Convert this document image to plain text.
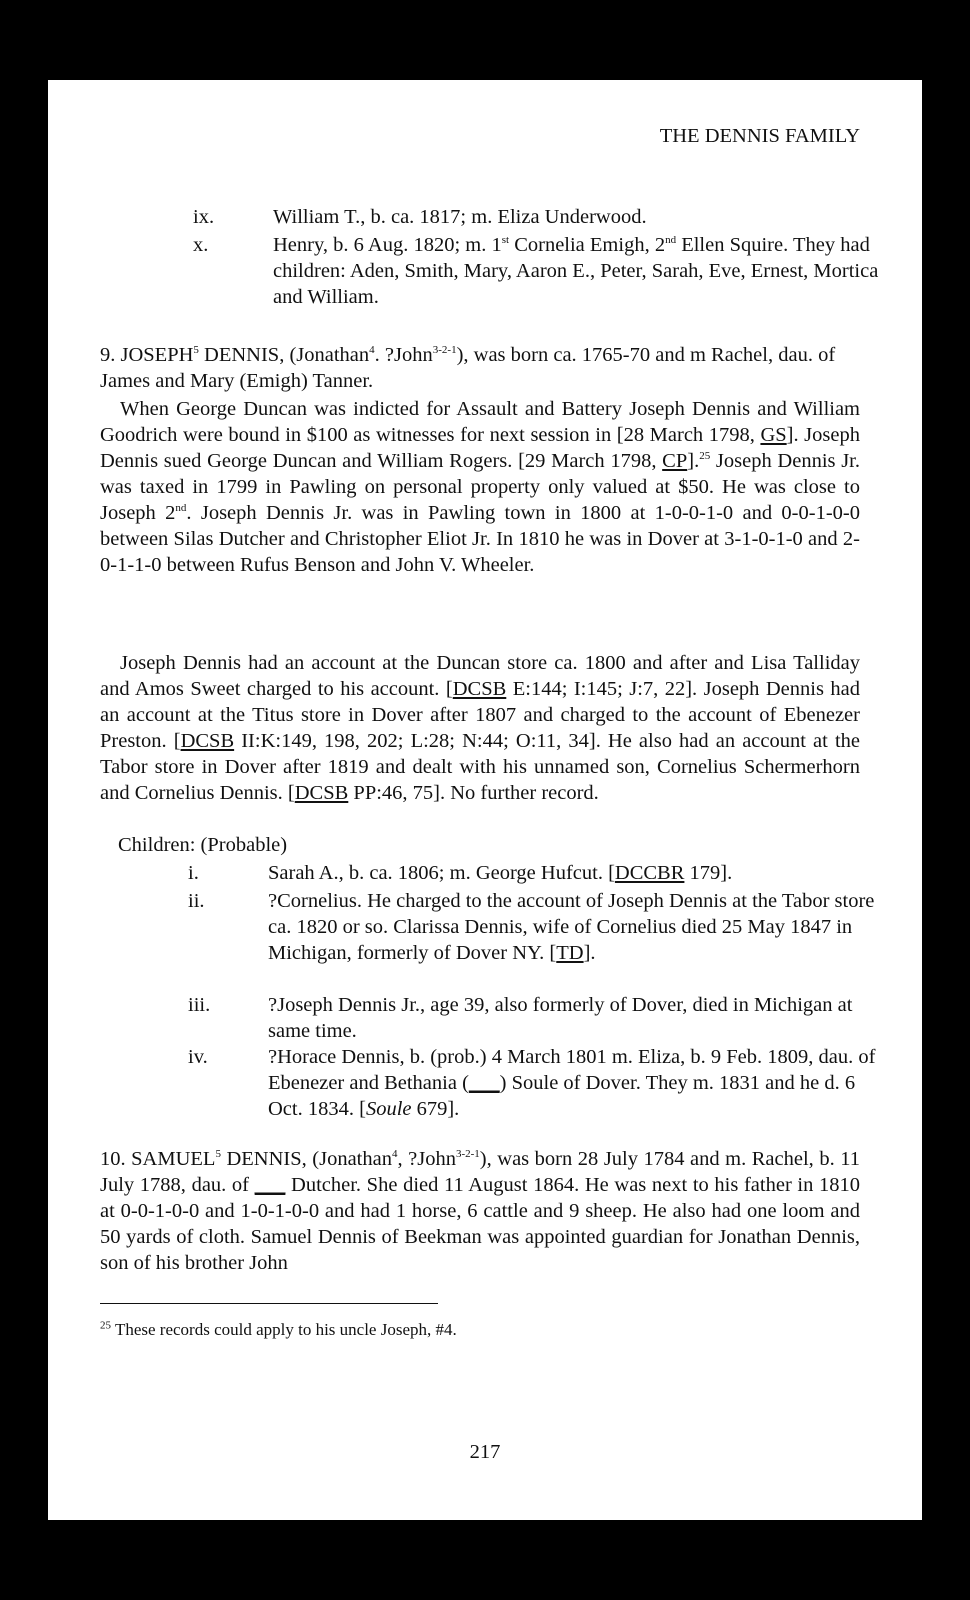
THE DENNIS FAMILY
ix.	William T., b. ca. 1817; m. Eliza Underwood.
x.	Henry, b. 6 Aug. 1820; m. 1st Cornelia Emigh, 2nd Ellen Squire. They had children: Aden, Smith, Mary, Aaron E., Peter, Sarah, Eve, Ernest, Mortica and William.
9. JOSEPH$^5$ DENNIS, (Jonathan$^4$. ?John$^{3-2-1}$), was born ca. 1765-70 and m Rachel, dau. of James and Mary (Emigh) Tanner.
When George Duncan was indicted for Assault and Battery Joseph Dennis and William Goodrich were bound in $100 as witnesses for next session in [28 March 1798, GS]. Joseph Dennis sued George Duncan and William Rogers. [29 March 1798, CP].$^{25}$ Joseph Dennis Jr. was taxed in 1799 in Pawling on personal property only valued at $50. He was close to Joseph 2nd. Joseph Dennis Jr. was in Pawling town in 1800 at 1-0-0-1-0 and 0-0-1-0-0 between Silas Dutcher and Christopher Eliot Jr. In 1810 he was in Dover at 3-1-0-1-0 and 2-0-1-1-0 between Rufus Benson and John V. Wheeler.
Joseph Dennis had an account at the Duncan store ca. 1800 and after and Lisa Talliday and Amos Sweet charged to his account. [DCSB E:144; I:145; J:7, 22]. Joseph Dennis had an account at the Titus store in Dover after 1807 and charged to the account of Ebenezer Preston. [DCSB II:K:149, 198, 202; L:28; N:44; O:11, 34]. He also had an account at the Tabor store in Dover after 1819 and dealt with his unnamed son, Cornelius Schermerhorn and Cornelius Dennis. [DCSB PP:46, 75]. No further record.
Children: (Probable)
i.	Sarah A., b. ca. 1806; m. George Hufcut. [DCCBR 179].
ii.	?Cornelius. He charged to the account of Joseph Dennis at the Tabor store ca. 1820 or so. Clarissa Dennis, wife of Cornelius died 25 May 1847 in Michigan, formerly of Dover NY. [TD].
iii.	?Joseph Dennis Jr., age 39, also formerly of Dover, died in Michigan at same time.
iv.	?Horace Dennis, b. (prob.) 4 March 1801 m. Eliza, b. 9 Feb. 1809, dau. of Ebenezer and Bethania (___) Soule of Dover. They m. 1831 and he d. 6 Oct. 1834. [Soule 679].
10. SAMUEL$^5$ DENNIS, (Jonathan$^4$, ?John$^{3-2-1}$), was born 28 July 1784 and m. Rachel, b. 11 July 1788, dau. of ___ Dutcher. She died 11 August 1864. He was next to his father in 1810 at 0-0-1-0-0 and 1-0-1-0-0 and had 1 horse, 6 cattle and 9 sheep. He also had one loom and 50 yards of cloth. Samuel Dennis of Beekman was appointed guardian for Jonathan Dennis, son of his brother John
$^{25}$ These records could apply to his uncle Joseph, #4.
217
